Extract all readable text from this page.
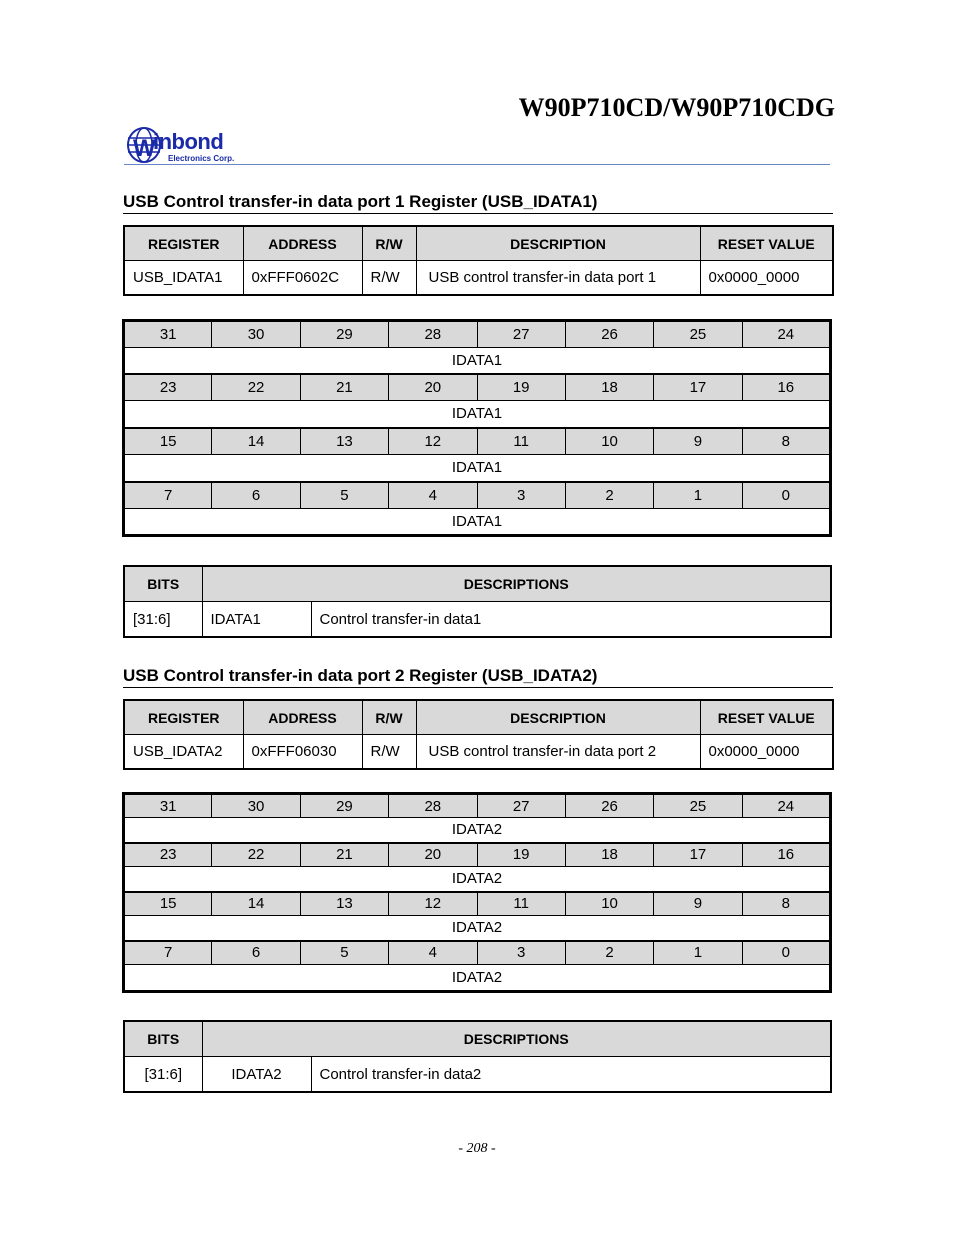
W90P710CD/W90P710CDG
W
inbond
Electronics Corp.
USB Control transfer-in data port 1 Register (USB_IDATA1)
REGISTER	ADDRESS	R/W	DESCRIPTION	RESET VALUE
USB_IDATA1	0xFFF0602C	R/W	USB control transfer-in data port 1	0x0000_0000
31	30	29	28	27	26	25	24
IDATA1							
23	22	21	20	19	18	17	16
IDATA1							
15	14	13	12	11	10	9	8
IDATA1							
7	6	5	4	3	2	1	0
IDATA1							
BITS	DESCRIPTIONS	
[31:6]	IDATA1	Control transfer-in data1
USB Control transfer-in data port 2 Register (USB_IDATA2)
REGISTER	ADDRESS	R/W	DESCRIPTION	RESET VALUE
USB_IDATA2	0xFFF06030	R/W	USB control transfer-in data port 2	0x0000_0000
31	30	29	28	27	26	25	24
IDATA2							
23	22	21	20	19	18	17	16
IDATA2							
15	14	13	12	11	10	9	8
IDATA2							
7	6	5	4	3	2	1	0
IDATA2							
BITS	DESCRIPTIONS	
[31:6]	IDATA2	Control transfer-in data2
- 208 -
